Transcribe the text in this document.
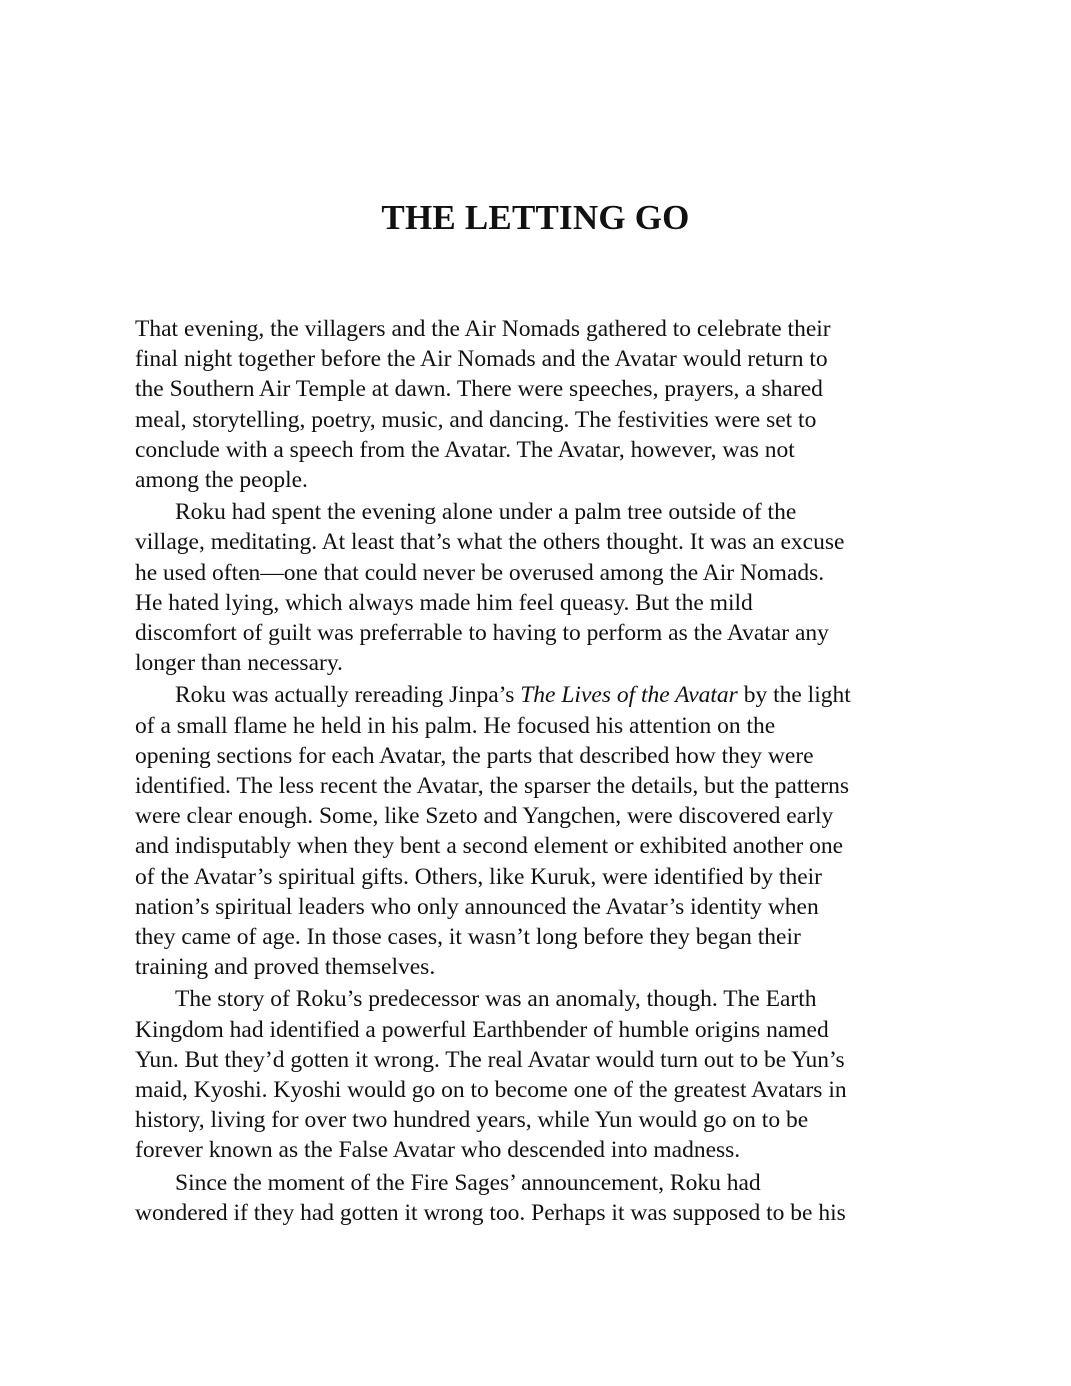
THE LETTING GO

That evening, the villagers and the Air Nomads gathered to celebrate their
final night together before the Air Nomads and the Avatar would return to
the Southern Air Temple at dawn. There were speeches, prayers, a shared
meal, storytelling, poetry, music, and dancing. The festivities were set to
conclude with a speech from the Avatar. The Avatar, however, was not
among the people.

Roku had spent the evening alone under a palm tree outside of the
village, meditating. At least that’s what the others thought. It was an excuse
he used often—one that could never be overused among the Air Nomads.
He hated lying, which always made him feel queasy. But the mild
discomfort of guilt was preferrable to having to perform as the Avatar any
longer than necessary.

Roku was actually rereading Jinpa’s The Lives of the Avatar by the light
of a small flame he held in his palm. He focused his attention on the
opening sections for each Avatar, the parts that described how they were
identified. The less recent the Avatar, the sparser the details, but the patterns
were clear enough. Some, like Szeto and Yangchen, were discovered early
and indisputably when they bent a second element or exhibited another one
of the Avatar’s spiritual gifts. Others, like Kuruk, were identified by their
nation’s spiritual leaders who only announced the Avatar’s identity when
they came of age. In those cases, it wasn’t long before they began their
training and proved themselves.

The story of Roku’s predecessor was an anomaly, though. The Earth
Kingdom had identified a powerful Earthbender of humble origins named
Yun. But they’d gotten it wrong. The real Avatar would turn out to be Yun’s
maid, Kyoshi. Kyoshi would go on to become one of the greatest Avatars in
history, living for over two hundred years, while Yun would go on to be
forever known as the False Avatar who descended into madness.

Since the moment of the Fire Sages’ announcement, Roku had
wondered if they had gotten it wrong too. Perhaps it was supposed to be his
